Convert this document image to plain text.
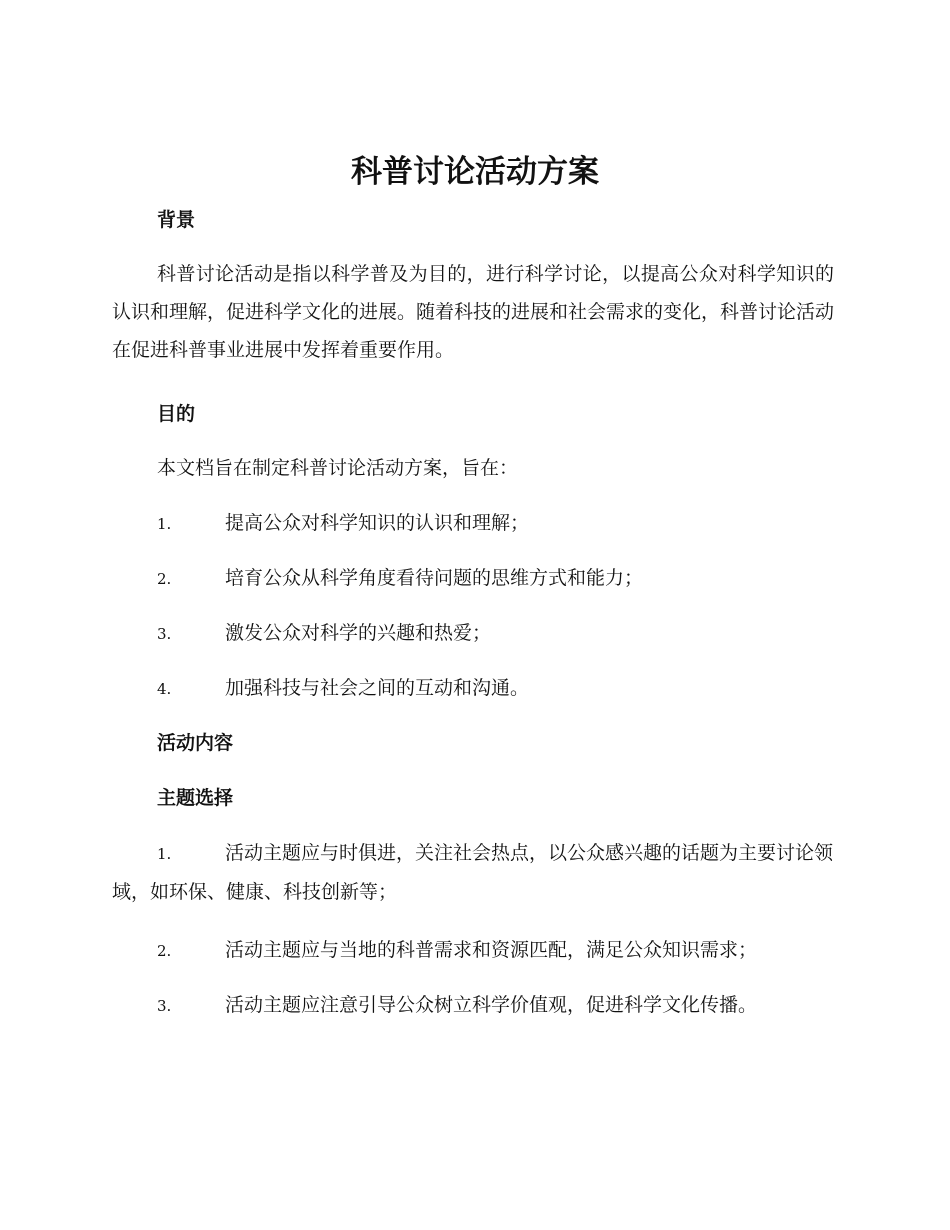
科普讨论活动方案
背景

科普讨论活动是指以科学普及为目的，进行科学讨论，以提高公众对科学知识的认识和理解，促进科学文化的进展。随着科技的进展和社会需求的变化，科普讨论活动在促进科普事业进展中发挥着重要作用。

目的

本文档旨在制定科普讨论活动方案，旨在：

1.	提高公众对科学知识的认识和理解；
2.	培育公众从科学角度看待问题的思维方式和能力；
3.	激发公众对科学的兴趣和热爱；
4.	加强科技与社会之间的互动和沟通。
活动内容
主题选择
1.	活动主题应与时俱进，关注社会热点，以公众感兴趣的话题为主要讨论领域，如环保、健康、科技创新等；
2.	活动主题应与当地的科普需求和资源匹配，满足公众知识需求；
3.	活动主题应注意引导公众树立科学价值观，促进科学文化传播。
